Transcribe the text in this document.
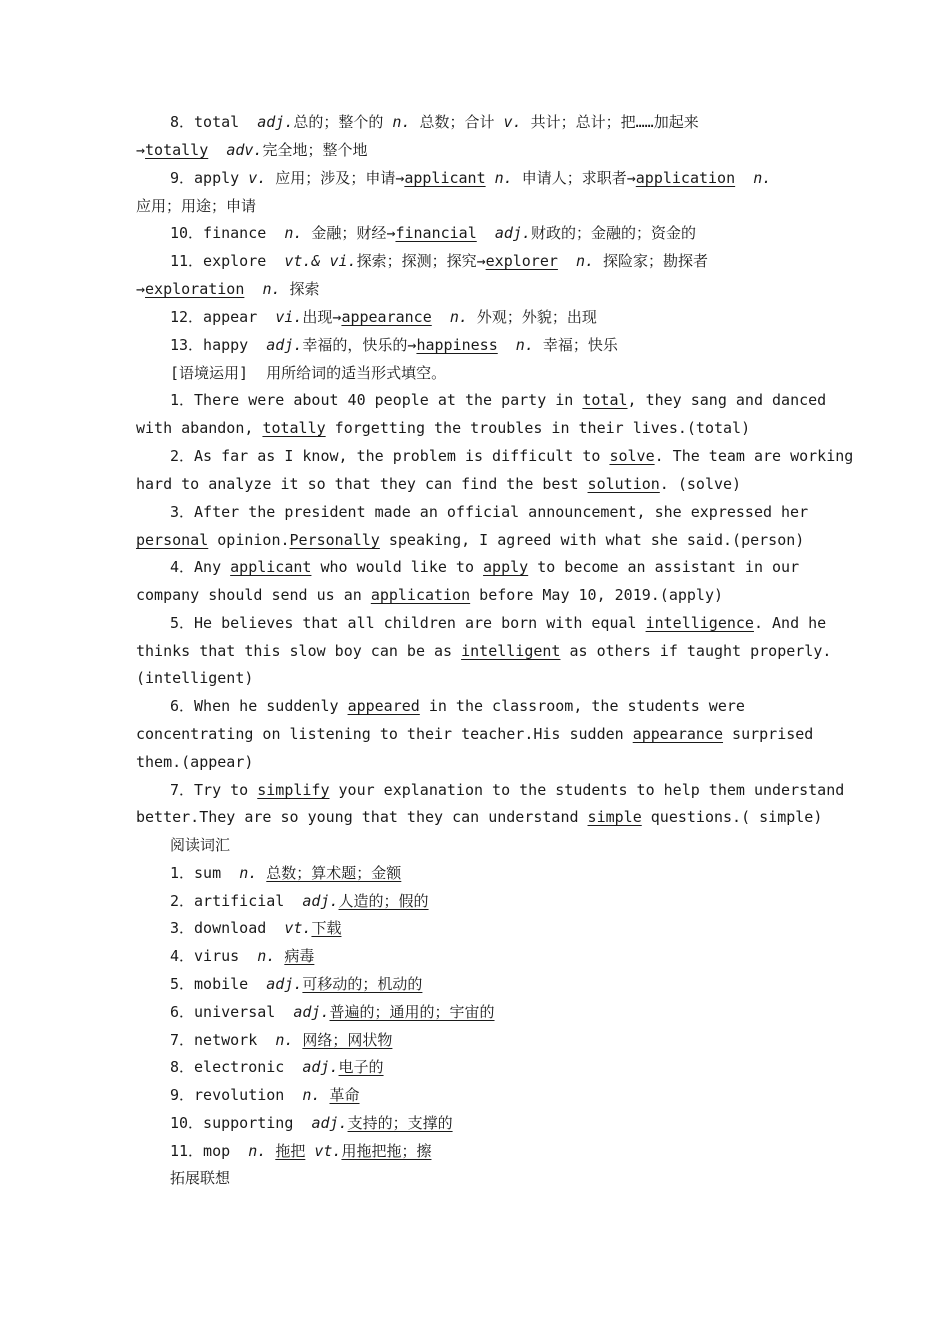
8．total  adj.总的；整个的 n. 总数；合计 v. 共计；总计；把……加起来
→totally adv.完全地；整个地
9．apply v. 应用；涉及；申请→applicant n. 申请人；求职者→application n.
应用；用途；申请
10．finance  n. 金融；财经→financial adj.财政的；金融的；资金的
11．explore  vt.& vi.探索；探测；探究→explorer n. 探险家；勘探者
→exploration n. 探索
12．appear  vi.出现→appearance n. 外观；外貌；出现
13．happy  adj.幸福的，快乐的→happiness n. 幸福；快乐
[语境运用]  用所给词的适当形式填空。
1．There were about 40 people at the party in total, they sang and danced
with abandon, totally forgetting the troubles in their lives.(total)
2．As far as I know, the problem is difficult to solve. The team are working
hard to analyze it so that they can find the best solution. (solve)
3．After the president made an official announcement, she expressed her
personal opinion.Personally speaking, I agreed with what she said.(person)
4．Any applicant who would like to apply to become an assistant in our
company should send us an application before May 10, 2019.(apply)
5．He believes that all children are born with equal intelligence. And he
thinks that this slow boy can be as intelligent as others if taught properly.
(intelligent)
6．When he suddenly appeared in the classroom, the students were
concentrating on listening to their teacher.His sudden appearance surprised
them.(appear)
7．Try to simplify your explanation to the students to help them understand
better.They are so young that they can understand simple questions.( simple)
阅读词汇
1．sum  n. 总数；算术题；金额
2．artificial  adj.人造的；假的
3．download  vt.下载
4．virus  n. 病毒
5．mobile  adj.可移动的；机动的
6．universal  adj.普遍的；通用的；宇宙的
7．network  n. 网络；网状物
8．electronic  adj.电子的
9．revolution  n. 革命
10．supporting  adj.支持的；支撑的
11．mop  n. 拖把 vt.用拖把拖；擦
拓展联想
